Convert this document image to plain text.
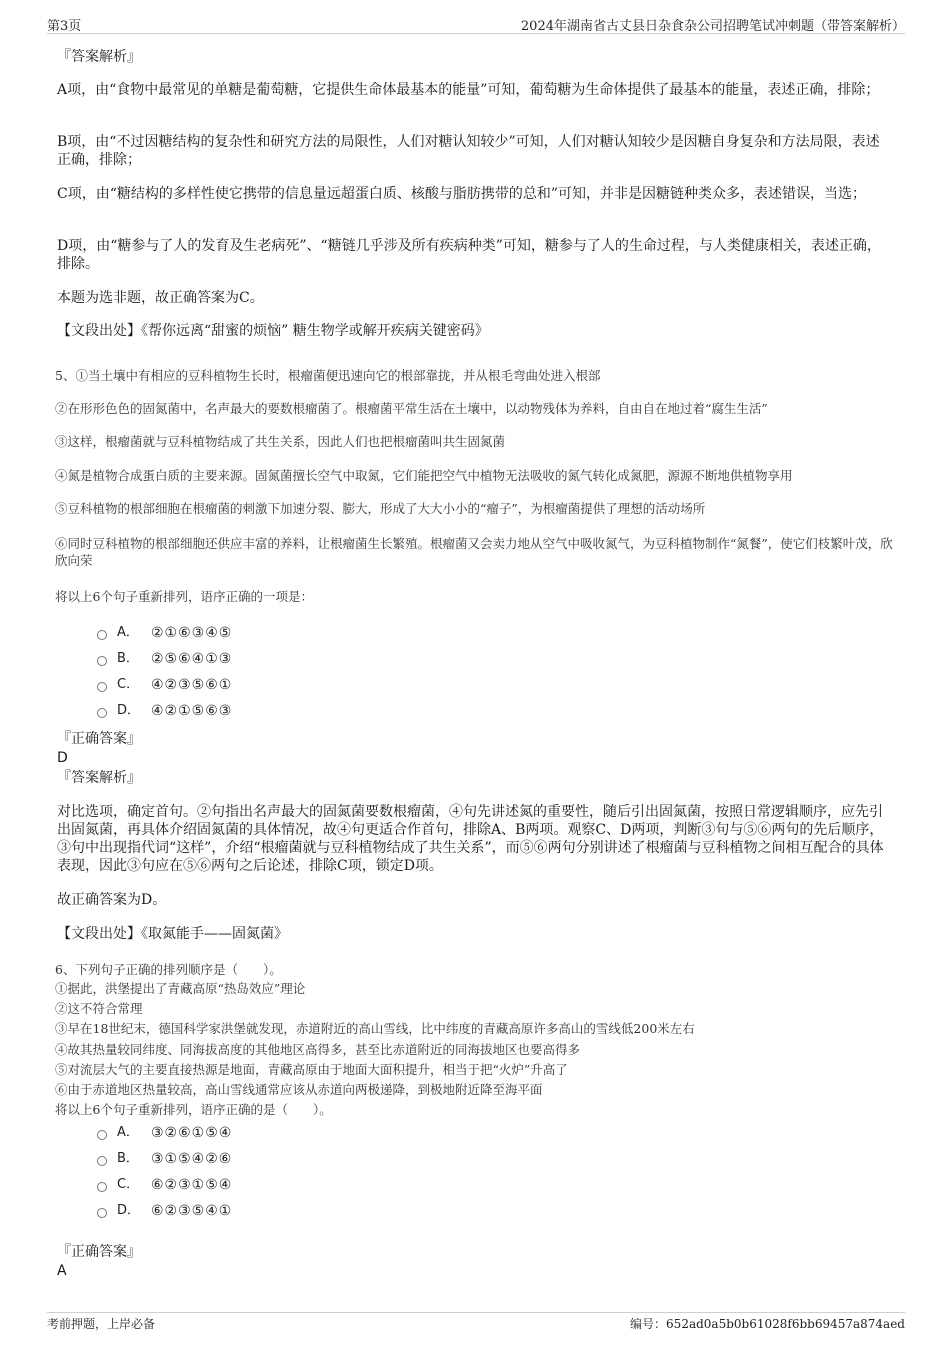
第3页	2024年湖南省古丈县日杂食杂公司招聘笔试冲刺题（带答案解析）
『答案解析』
A项，由“食物中最常见的单糖是葡萄糖，它提供生命体最基本的能量”可知，葡萄糖为生命体提供了最基本的能量，表述正确，排除；
B项，由“不过因糖结构的复杂性和研究方法的局限性，人们对糖认知较少”可知，人们对糖认知较少是因糖自身复杂和方法局限，表述正确，排除；
C项，由“糖结构的多样性使它携带的信息量远超蛋白质、核酸与脂肪携带的总和”可知，并非是因糖链种类众多，表述错误，当选；
D项，由“糖参与了人的发育及生老病死”、“糖链几乎涉及所有疾病种类”可知，糖参与了人的生命过程，与人类健康相关，表述正确，排除。
本题为选非题，故正确答案为C。
【文段出处】《帮你远离“甜蜜的烦恼” 糖生物学或解开疾病关键密码》
5、①当土壤中有相应的豆科植物生长时，根瘤菌便迅速向它的根部靠拢，并从根毛弯曲处进入根部
②在形形色色的固氮菌中，名声最大的要数根瘤菌了。根瘤菌平常生活在土壤中，以动物残体为养料，自由自在地过着“腐生生活”
③这样，根瘤菌就与豆科植物结成了共生关系，因此人们也把根瘤菌叫共生固氮菌
④氮是植物合成蛋白质的主要来源。固氮菌擅长空气中取氮，它们能把空气中植物无法吸收的氮气转化成氮肥，源源不断地供植物享用
⑤豆科植物的根部细胞在根瘤菌的刺激下加速分裂、膨大，形成了大大小小的“瘤子”，为根瘤菌提供了理想的活动场所
⑥同时豆科植物的根部细胞还供应丰富的养料，让根瘤菌生长繁殖。根瘤菌又会卖力地从空气中吸收氮气，为豆科植物制作“氮餐”，使它们枝繁叶茂，欣欣向荣
将以上6个句子重新排列，语序正确的一项是：
A． ②①⑥③④⑤
B． ②⑤⑥④①③
C． ④②③⑤⑥①
D． ④②①⑤⑥③
『正确答案』
D
『答案解析』
对比选项，确定首句。②句指出名声最大的固氮菌要数根瘤菌，④句先讲述氮的重要性，随后引出固氮菌，按照日常逻辑顺序，应先引出固氮菌，再具体介绍固氮菌的具体情况，故④句更适合作首句，排除A、B两项。观察C、D两项，判断③句与⑤⑥两句的先后顺序，③句中出现指代词“这样”，介绍“根瘤菌就与豆科植物结成了共生关系”，而⑤⑥两句分别讲述了根瘤菌与豆科植物之间相互配合的具体表现，因此③句应在⑤⑥两句之后论述，排除C项，锁定D项。
故正确答案为D。
【文段出处】《取氮能手——固氮菌》
6、下列句子正确的排列顺序是（　　）。
①据此，洪堡提出了青藏高原“热岛效应”理论
②这不符合常理
③早在18世纪末，德国科学家洪堡就发现，赤道附近的高山雪线，比中纬度的青藏高原许多高山的雪线低200米左右
④故其热量较同纬度、同海拔高度的其他地区高得多，甚至比赤道附近的同海拔地区也要高得多
⑤对流层大气的主要直接热源是地面，青藏高原由于地面大面积提升，相当于把“火炉”升高了
⑥由于赤道地区热量较高，高山雪线通常应该从赤道向两极递降，到极地附近降至海平面
将以上6个句子重新排列，语序正确的是（　　）。
A． ③②⑥①⑤④
B． ③①⑤④②⑥
C． ⑥②③①⑤④
D． ⑥②③⑤④①
『正确答案』
A
考前押题，上岸必备	编号：652ad0a5b0b61028f6bb69457a874aed
